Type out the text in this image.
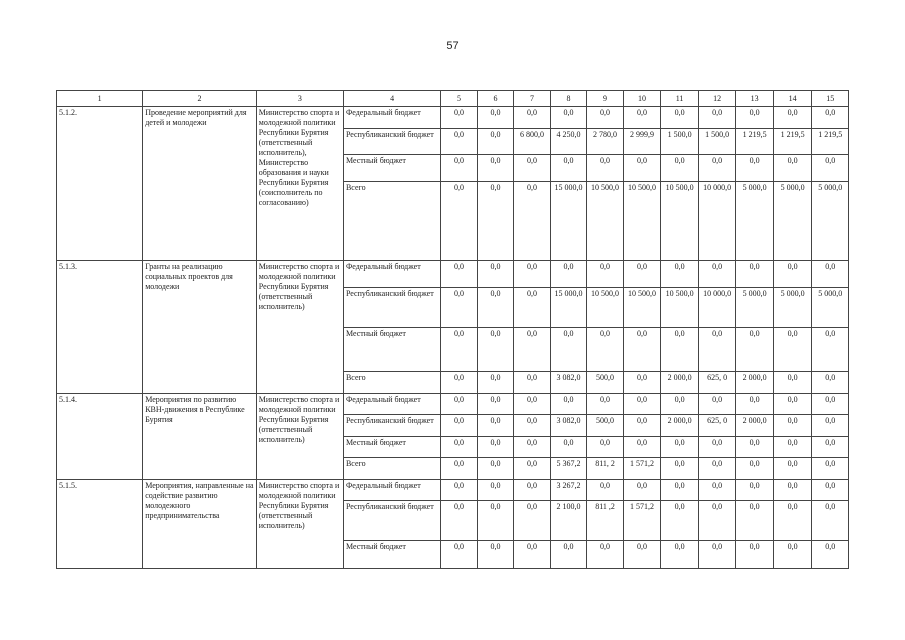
57
1	2	3	4	5	6	7	8	9	10	11	12	13	14	15
5.1.2.	Проведение мероприятий для детей и молодежи	Министерство спорта и молодежной политики Республики Бурятия (ответственный исполнитель), Министерство образования и науки Республики Бурятия (соисполнитель по согласованию)	Федеральный бюджет	0,0	0,0	0,0	0,0	0,0	0,0	0,0	0,0	0,0	0,0	0,0
			Республиканский бюджет	0,0	0,0	6 800,0	4 250,0	2 780,0	2 999,9	1 500,0	1 500,0	1 219,5	1 219,5	1 219,5
			Местный бюджет	0,0	0,0	0,0	0,0	0,0	0,0	0,0	0,0	0,0	0,0	0,0
			Всего	0,0	0,0	0,0	15 000,0	10 500,0	10 500,0	10 500,0	10 000,0	5 000,0	5 000,0	5 000,0
5.1.3.	Гранты на реализацию социальных проектов для молодежи	Министерство спорта и молодежной политики Республики Бурятия (ответственный исполнитель)	Федеральный бюджет	0,0	0,0	0,0	0,0	0,0	0,0	0,0	0,0	0,0	0,0	0,0
			Республиканский бюджет	0,0	0,0	0,0	15 000,0	10 500,0	10 500,0	10 500,0	10 000,0	5 000,0	5 000,0	5 000,0
			Местный бюджет	0,0	0,0	0,0	0,0	0,0	0,0	0,0	0,0	0,0	0,0	0,0
			Всего	0,0	0,0	0,0	3 082,0	500,0	0,0	2 000,0	625, 0	2 000,0	0,0	0,0
5.1.4.	Мероприятия по развитию КВН-движения в Республике Бурятия	Министерство спорта и молодежной политики Республики Бурятия (ответственный исполнитель)	Федеральный бюджет	0,0	0,0	0,0	0,0	0,0	0,0	0,0	0,0	0,0	0,0	0,0
			Республиканский бюджет	0,0	0,0	0,0	3 082,0	500,0	0,0	2 000,0	625, 0	2 000,0	0,0	0,0
			Местный бюджет	0,0	0,0	0,0	0,0	0,0	0,0	0,0	0,0	0,0	0,0	0,0
			Всего	0,0	0,0	0,0	5 367,2	811, 2	1 571,2	0,0	0,0	0,0	0,0	0,0
5.1.5.	Мероприятия, направленные на содействие развитию молодежного предпринимательства	Министерство спорта и молодежной политики Республики Бурятия (ответственный исполнитель)	Федеральный бюджет	0,0	0,0	0,0	3 267,2	0,0	0,0	0,0	0,0	0,0	0,0	0,0
			Республиканский бюджет	0,0	0,0	0,0	2 100,0	811 ,2	1 571,2	0,0	0,0	0,0	0,0	0,0
			Местный бюджет	0,0	0,0	0,0	0,0	0,0	0,0	0,0	0,0	0,0	0,0	0,0
